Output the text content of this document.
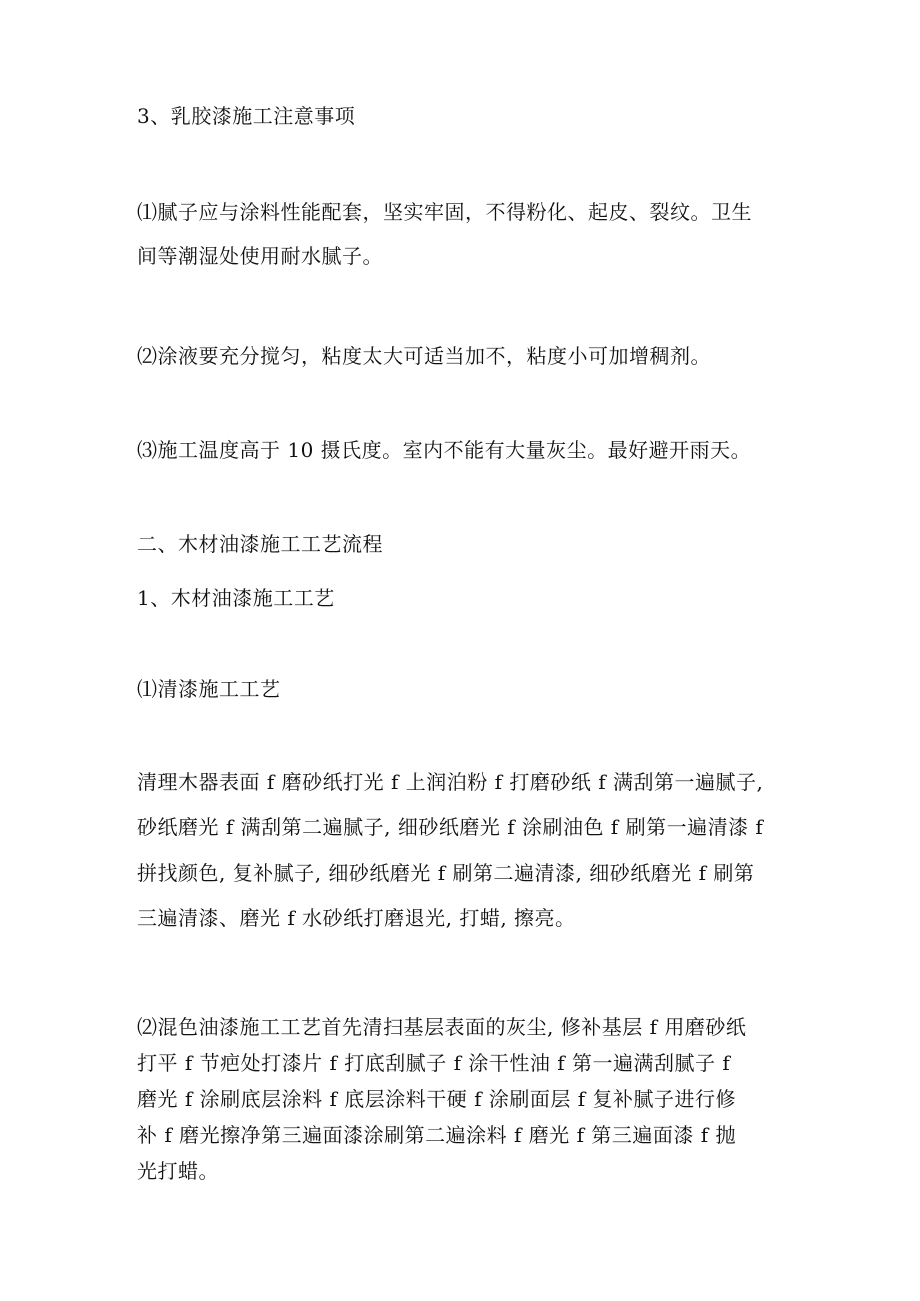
3、乳胶漆施工注意事项

⑴腻子应与涂料性能配套，坚实牢固，不得粉化、起皮、裂纹。卫生

间等潮湿处使用耐水腻子。

⑵涂液要充分搅匀，粘度太大可适当加不，粘度小可加增稠剂。

⑶施工温度高于 10 摄氏度。室内不能有大量灰尘。最好避开雨天。

二、木材油漆施工工艺流程

1、木材油漆施工工艺

⑴清漆施工工艺

清理木器表面 f 磨砂纸打光 f 上润泊粉 f 打磨砂纸 f 满刮第一遍腻子,

砂纸磨光 f 满刮第二遍腻子, 细砂纸磨光 f 涂刷油色 f 刷第一遍清漆 f

拼找颜色, 复补腻子, 细砂纸磨光 f 刷第二遍清漆, 细砂纸磨光 f 刷第

三遍清漆、磨光 f 水砂纸打磨退光, 打蜡, 擦亮。

⑵混色油漆施工工艺首先清扫基层表面的灰尘, 修补基层 f 用磨砂纸

打平 f 节疤处打漆片 f 打底刮腻子 f 涂干性油 f 第一遍满刮腻子 f

磨光 f 涂刷底层涂料 f 底层涂料干硬 f 涂刷面层 f 复补腻子进行修

补 f 磨光擦净第三遍面漆涂刷第二遍涂料 f 磨光 f 第三遍面漆 f 抛

光打蜡。
